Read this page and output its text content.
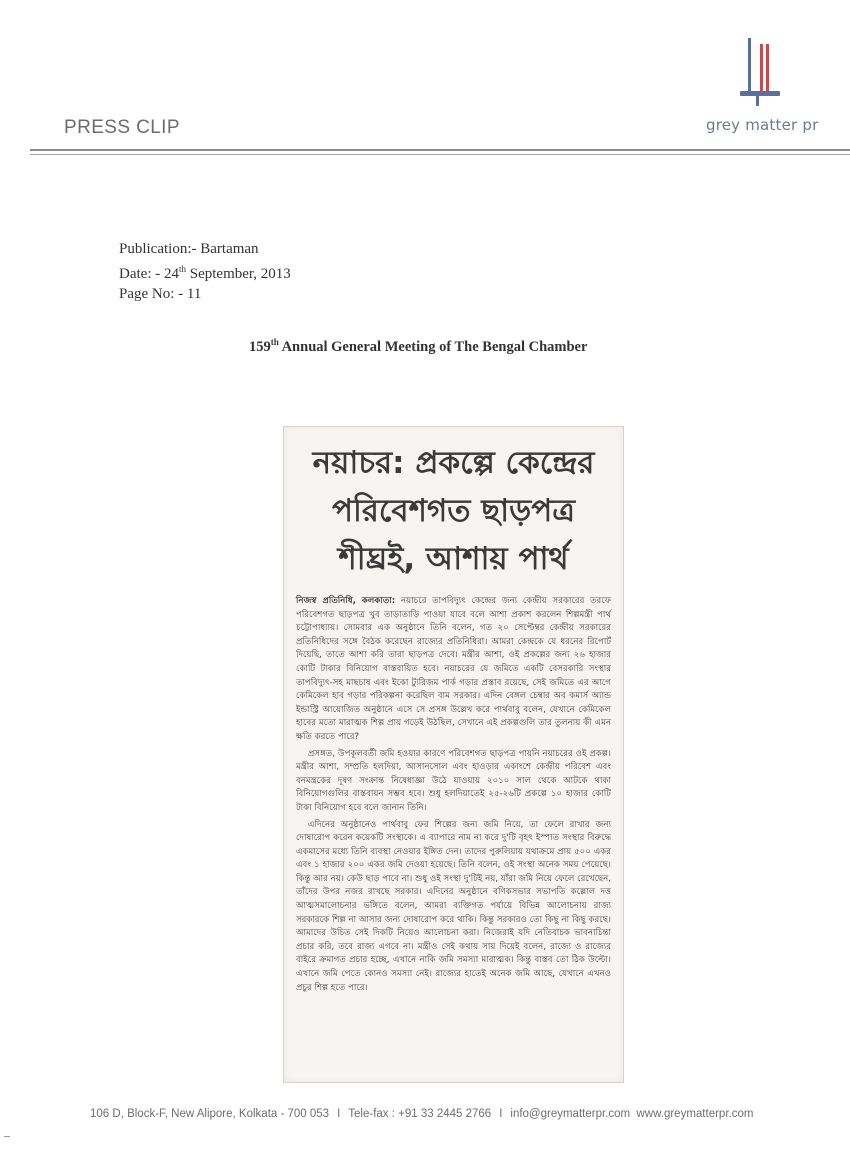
grey matter pr
PRESS CLIP
Publication:- Bartaman
Date: - 24th September, 2013
Page No: - 11
159th Annual General Meeting of The Bengal Chamber
নয়াচর: প্রকল্পে কেন্দ্রের
পরিবেশগত ছাড়পত্র
শীঘ্রই, আশায় পার্থ

নিজস্ব প্রতিনিধি, কলকাতা: নয়াচরে তাপবিদ্যুৎ কেন্দ্রের জন্য কেন্দ্রীয় সরকারের তরফে পরিবেশগত ছাড়পত্র খুব তাড়াতাড়ি পাওয়া যাবে বলে আশা প্রকাশ করলেন শিল্পমন্ত্রী পার্থ চট্টোপাধ্যায়। সোমবার এক অনুষ্ঠানে তিনি বলেন, গত ২০ সেপ্টেম্বর কেন্দ্রীয় সরকারের প্রতিনিধিদের সঙ্গে বৈঠক করেছেন রাজ্যের প্রতিনিধিরা। আমরা কেন্দ্রকে যে ধরনের রিপোর্ট দিয়েছি, তাতে আশা করি তারা ছাড়পত্র দেবে। মন্ত্রীর আশা, ওই প্রকল্পের জন্য ২৬ হাজার কোটি টাকার বিনিয়োগ বাস্তবায়িত হবে। নয়াচরের যে জমিতে একটি বেসরকারি সংস্থার তাপবিদ্যুৎ-সহ মাছচাষ এবং ইকো ট্যুরিজম পার্ক গড়ার প্রস্তাব রয়েছে, সেই জমিতে এর আগে কেমিকেল হাব গড়ার পরিকল্পনা করেছিল বাম সরকার। এদিন বেঙ্গল চেম্বার অব কমার্স অ্যান্ড ইন্ডাস্ট্রি আয়োজিত অনুষ্ঠানে এসে সে প্রসঙ্গ উল্লেখ করে পার্থবাবু বলেন, যেখানে কেমিকেল হাবের মতো মারাত্মক শিল্প প্রায় গড়েই উঠছিল, সেখানে এই প্রকল্পগুলি তার তুলনায় কী এমন ক্ষতি করতে পারে?

প্রসঙ্গত, উপকূলবর্তী জমি হওয়ার কারণে পরিবেশগত ছাড়পত্র পায়নি নয়াচরের ওই প্রকল্প। মন্ত্রীর আশা, সম্প্রতি হলদিয়া, আসানসোল এবং হাওড়ার একাংশে কেন্দ্রীয় পরিবেশ এবং বনমন্ত্রকের দূষণ সংক্রান্ত নিষেধাজ্ঞা উঠে যাওয়ায় ২০১০ সাল থেকে আটকে থাকা বিনিয়োগগুলির বাস্তবায়ন সম্ভব হবে। শুধু হলদিয়াতেই ২৫-২৬টি প্রকল্পে ১০ হাজার কোটি টাকা বিনিয়োগ হবে বলে জানান তিনি।

এদিনের অনুষ্ঠানেও পার্থবাবু ফের শিল্পের জন্য জমি নিয়ে, তা ফেলে রাখার জন্য দোষারোপ করেন কয়েকটি সংস্থাকে। এ ব্যাপারে নাম না করে দু'টি বৃহৎ ইস্পাত সংস্থার বিরুদ্ধে একমাসের মধ্যে তিনি ব্যবস্থা নেওয়ার ইঙ্গিত দেন। তাদের পুরুলিয়ায় যথাক্রমে প্রায় ৫০০ একর এবং ১ হাজার ২০০ একর জমি দেওয়া হয়েছে। তিনি বলেন, ওই সংস্থা অনেক সময় পেয়েছে। কিন্তু আর নয়। কেউ ছাড় পাবে না। শুধু ওই সংস্থা দু'টিই নয়, যাঁরা জমি নিয়ে ফেলে রেখেছেন, তাঁদের উপর নজর রাখছে সরকার। এদিনের অনুষ্ঠানে বণিকসভার সভাপতি কল্লোল দত্ত আত্মসমালোচনার ভঙ্গিতে বলেন, আমরা ব্যক্তিগত পর্যায়ে বিভিন্ন আলোচনায় রাজ্য সরকারকে শিল্প না আসার জন্য দোষারোপ করে থাকি। কিন্তু সরকারও তো কিছু না কিছু করছে। আমাদের উচিত সেই দিকটি নিয়েও আলোচনা করা। নিজেরাই যদি নেতিবাচক ভাবনাচিন্তা প্রচার করি, তবে রাজ্য এগবে না। মন্ত্রীও সেই কথায় সায় দিয়েই বলেন, রাজ্যে ও রাজ্যের বাইরে ক্রমাগত প্রচার হচ্ছে, এখানে নাকি জমি সমস্যা মারাত্মক। কিন্তু বাস্তব তো ঠিক উল্টো। এখানে জমি পেতে কোনও সমস্যা নেই। রাজ্যের হাতেই অনেক জমি আছে, যেখানে এখনও প্রচুর শিল্প হতে পারে।

106 D, Block-F, New Alipore, Kolkata - 700 053 I Tele-fax : +91 33 2445 2766 I info@greymatterpr.com www.greymatterpr.com
